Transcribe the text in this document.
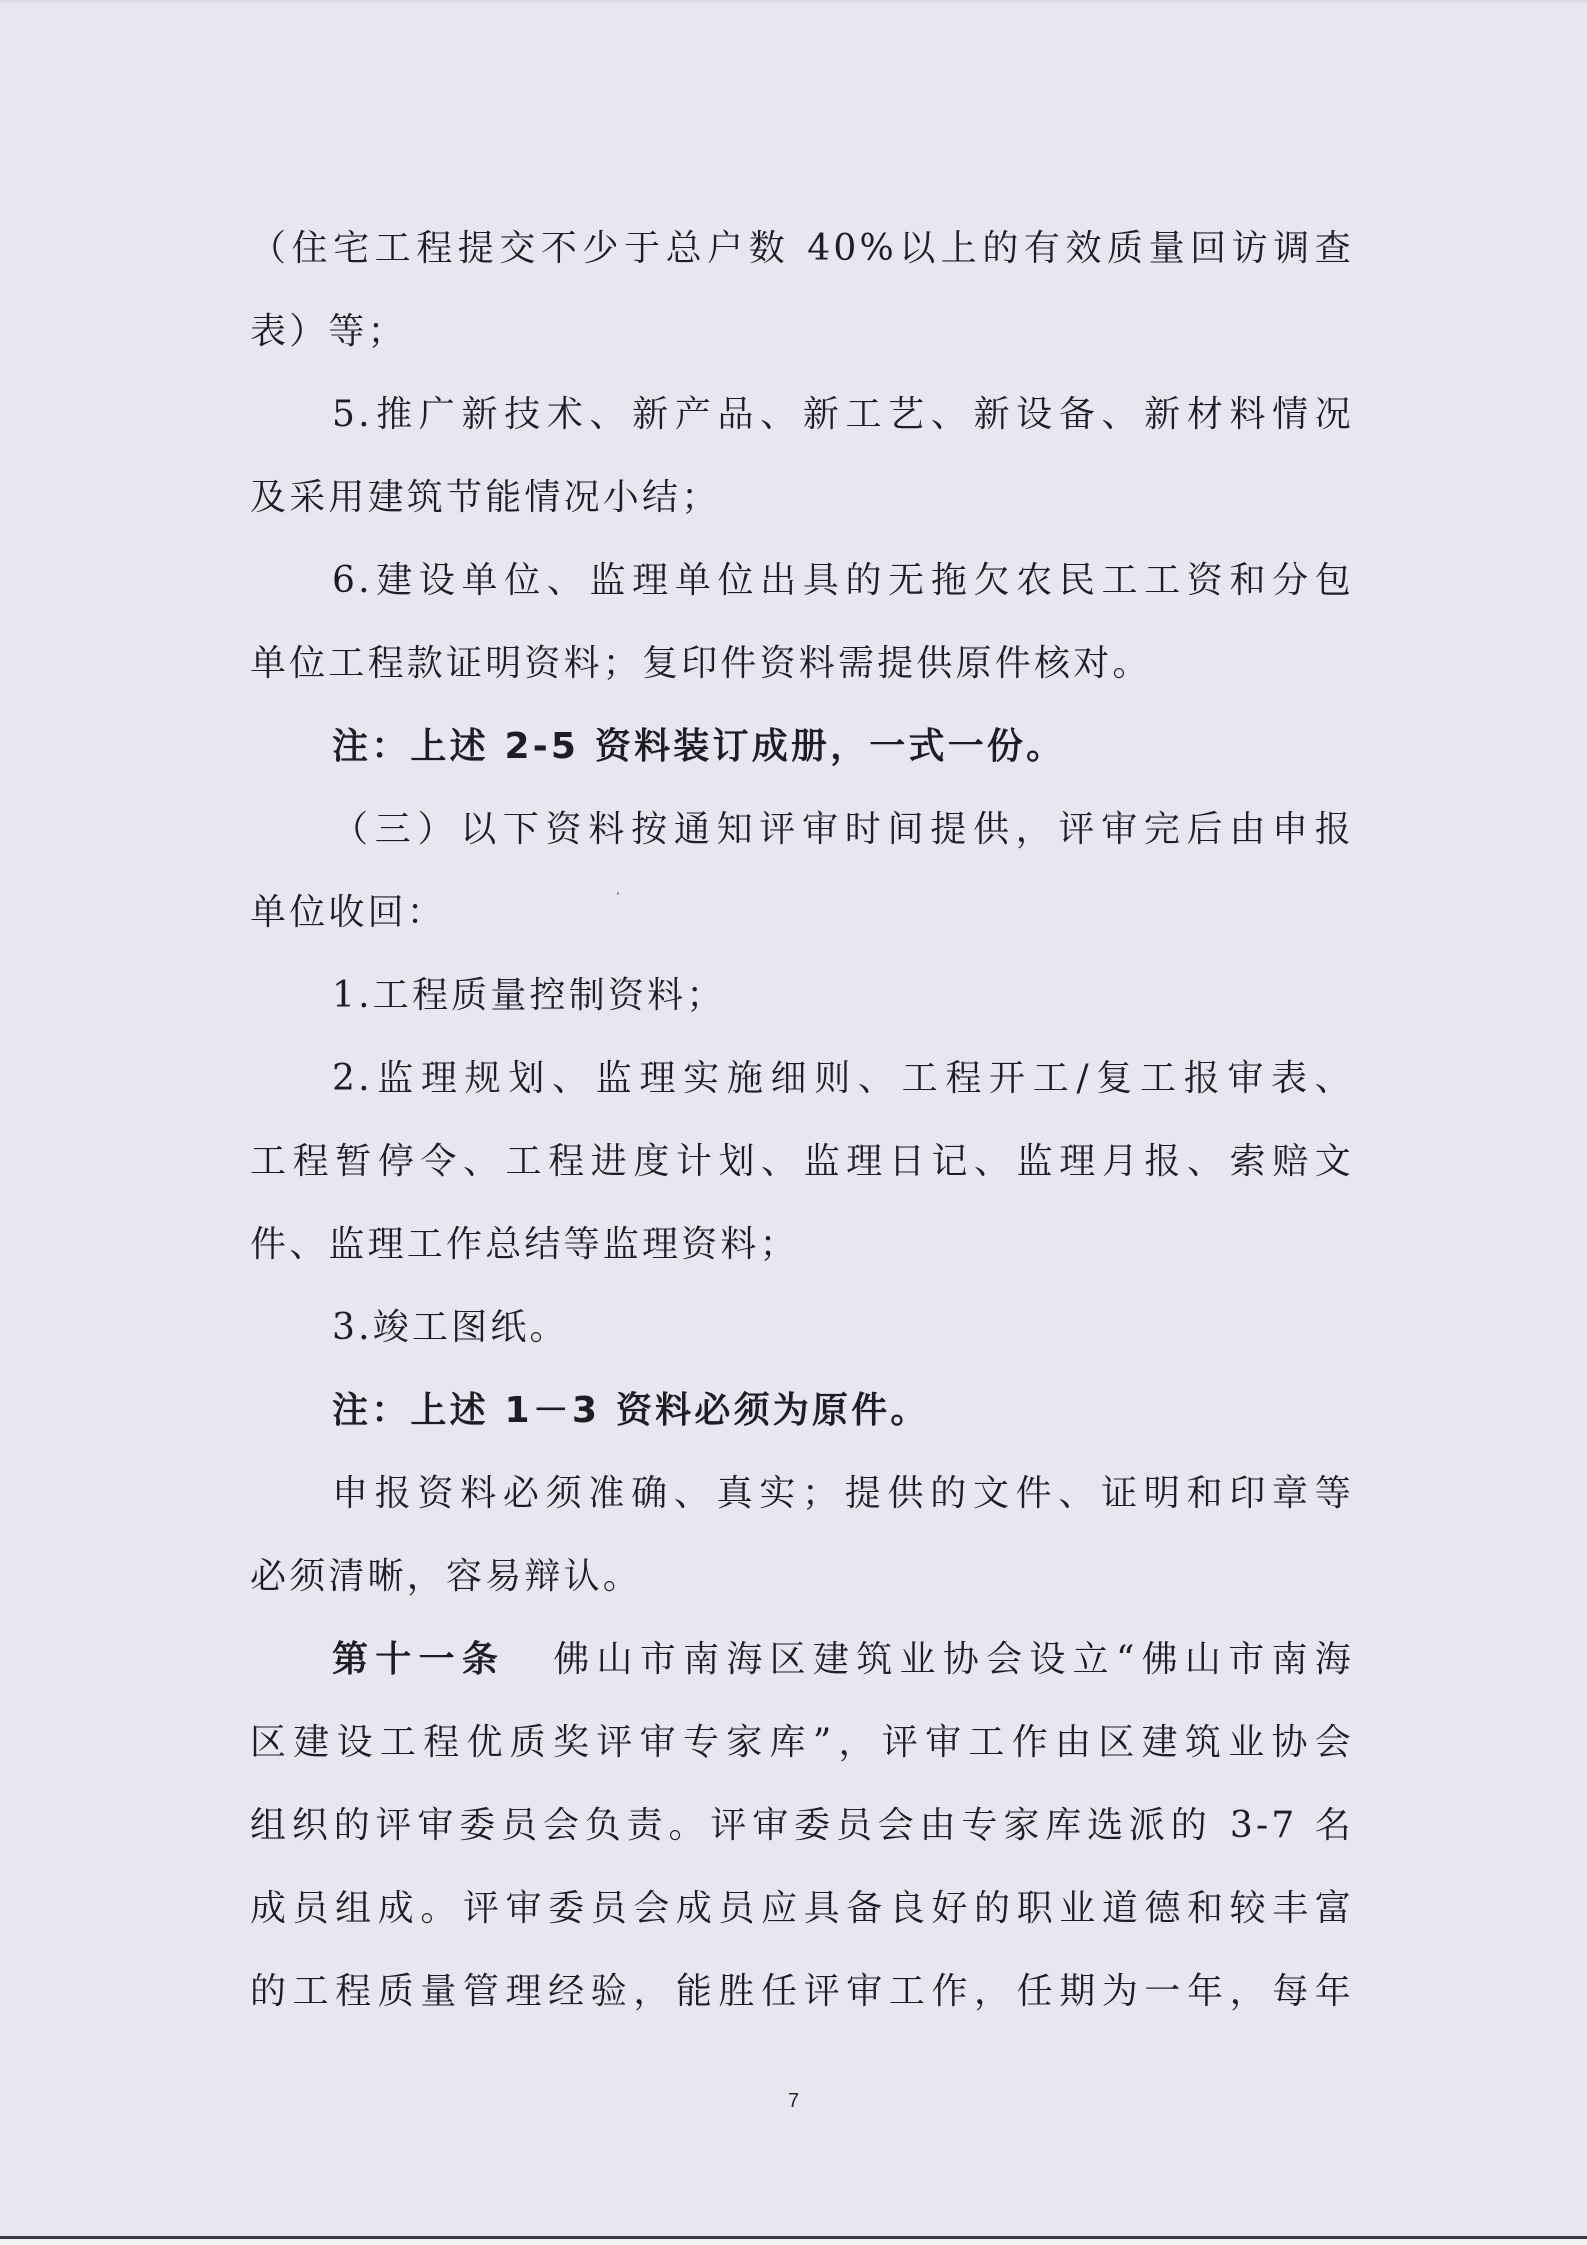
（住宅工程提交不少于总户数 40%以上的有效质量回访调查
表）等；
5.推广新技术、新产品、新工艺、新设备、新材料情况
及采用建筑节能情况小结；
6.建设单位、监理单位出具的无拖欠农民工工资和分包
单位工程款证明资料；复印件资料需提供原件核对。
注：上述 2-5 资料装订成册，一式一份。
（三）以下资料按通知评审时间提供，评审完后由申报
单位收回：
1.工程质量控制资料；
2.监理规划、监理实施细则、工程开工/复工报审表、
工程暂停令、工程进度计划、监理日记、监理月报、索赔文
件、监理工作总结等监理资料；
3.竣工图纸。
注：上述 1－3 资料必须为原件。
申报资料必须准确、真实；提供的文件、证明和印章等
必须清晰，容易辩认。
第十一条 佛山市南海区建筑业协会设立“佛山市南海
区建设工程优质奖评审专家库”，评审工作由区建筑业协会
组织的评审委员会负责。评审委员会由专家库选派的 3-7 名
成员组成。评审委员会成员应具备良好的职业道德和较丰富
的工程质量管理经验，能胜任评审工作，任期为一年，每年
7
